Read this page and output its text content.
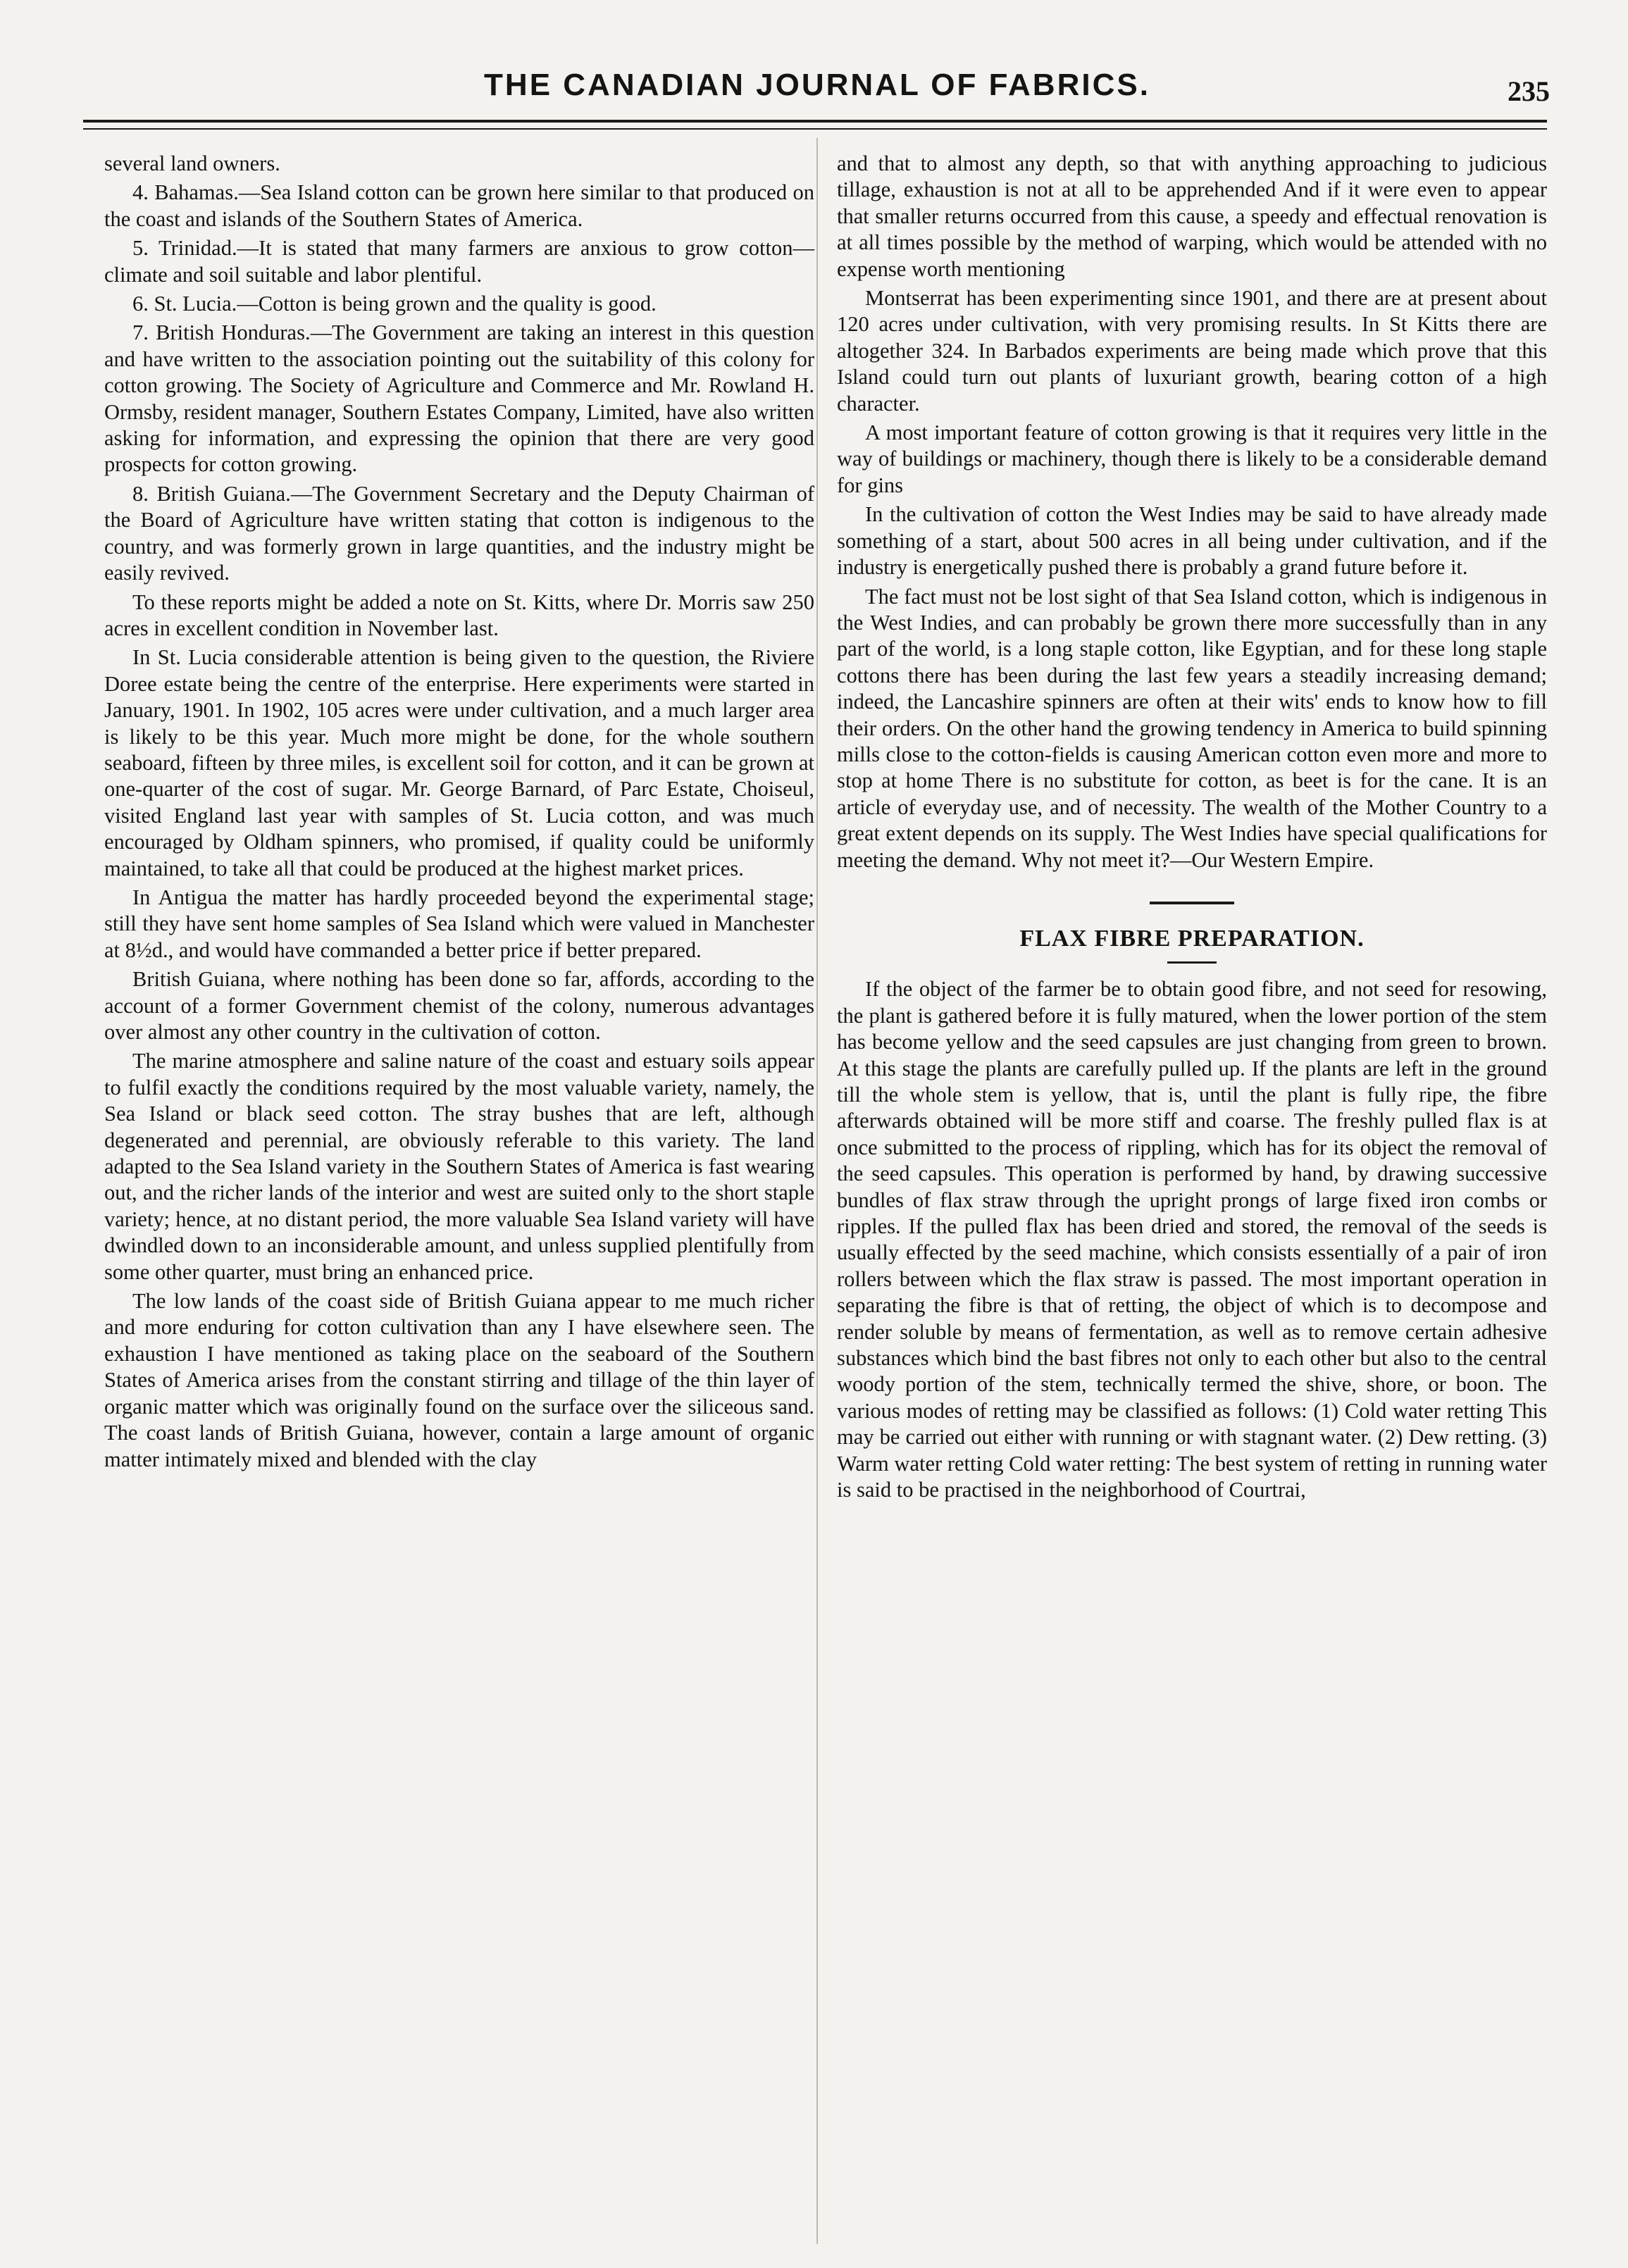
THE CANADIAN JOURNAL OF FABRICS.	235

several land owners.

4. Bahamas.—Sea Island cotton can be grown here similar to that produced on the coast and islands of the Southern States of America.

5. Trinidad.—It is stated that many farmers are anxious to grow cotton—climate and soil suitable and labor plentiful.

6. St. Lucia.—Cotton is being grown and the quality is good.

7. British Honduras.—The Government are taking an interest in this question and have written to the association pointing out the suitability of this colony for cotton growing. The Society of Agriculture and Commerce and Mr. Rowland H. Ormsby, resident manager, Southern Estates Company, Limited, have also written asking for information, and expressing the opinion that there are very good prospects for cotton growing.

8. British Guiana.—The Government Secretary and the Deputy Chairman of the Board of Agriculture have written stating that cotton is indigenous to the country, and was formerly grown in large quantities, and the industry might be easily revived.

To these reports might be added a note on St. Kitts, where Dr. Morris saw 250 acres in excellent condition in November last.

In St. Lucia considerable attention is being given to the question, the Riviere Doree estate being the centre of the enterprise. Here experiments were started in January, 1901. In 1902, 105 acres were under cultivation, and a much larger area is likely to be this year. Much more might be done, for the whole southern seaboard, fifteen by three miles, is excellent soil for cotton, and it can be grown at one-quarter of the cost of sugar. Mr. George Barnard, of Parc Estate, Choiseul, visited England last year with samples of St. Lucia cotton, and was much encouraged by Oldham spinners, who promised, if quality could be uniformly maintained, to take all that could be produced at the highest market prices.

In Antigua the matter has hardly proceeded beyond the experimental stage; still they have sent home samples of Sea Island which were valued in Manchester at 8½d., and would have commanded a better price if better prepared.

British Guiana, where nothing has been done so far, affords, according to the account of a former Government chemist of the colony, numerous advantages over almost any other country in the cultivation of cotton.

The marine atmosphere and saline nature of the coast and estuary soils appear to fulfil exactly the conditions required by the most valuable variety, namely, the Sea Island or black seed cotton. The stray bushes that are left, although degenerated and perennial, are obviously referable to this variety. The land adapted to the Sea Island variety in the Southern States of America is fast wearing out, and the richer lands of the interior and west are suited only to the short staple variety; hence, at no distant period, the more valuable Sea Island variety will have dwindled down to an inconsiderable amount, and unless supplied plentifully from some other quarter, must bring an enhanced price.

The low lands of the coast side of British Guiana appear to me much richer and more enduring for cotton cultivation than any I have elsewhere seen. The exhaustion I have mentioned as taking place on the seaboard of the Southern States of America arises from the constant stirring and tillage of the thin layer of organic matter which was originally found on the surface over the siliceous sand. The coast lands of British Guiana, however, contain a large amount of organic matter intimately mixed and blended with the clay

and that to almost any depth, so that with anything approaching to judicious tillage, exhaustion is not at all to be apprehended And if it were even to appear that smaller returns occurred from this cause, a speedy and effectual renovation is at all times possible by the method of warping, which would be attended with no expense worth mentioning

Montserrat has been experimenting since 1901, and there are at present about 120 acres under cultivation, with very promising results. In St Kitts there are altogether 324. In Barbados experiments are being made which prove that this Island could turn out plants of luxuriant growth, bearing cotton of a high character.

A most important feature of cotton growing is that it requires very little in the way of buildings or machinery, though there is likely to be a considerable demand for gins

In the cultivation of cotton the West Indies may be said to have already made something of a start, about 500 acres in all being under cultivation, and if the industry is energetically pushed there is probably a grand future before it.

The fact must not be lost sight of that Sea Island cotton, which is indigenous in the West Indies, and can probably be grown there more successfully than in any part of the world, is a long staple cotton, like Egyptian, and for these long staple cottons there has been during the last few years a steadily increasing demand; indeed, the Lancashire spinners are often at their wits' ends to know how to fill their orders. On the other hand the growing tendency in America to build spinning mills close to the cotton-fields is causing American cotton even more and more to stop at home There is no substitute for cotton, as beet is for the cane. It is an article of everyday use, and of necessity. The wealth of the Mother Country to a great extent depends on its supply. The West Indies have special qualifications for meeting the demand. Why not meet it?—Our Western Empire.

FLAX FIBRE PREPARATION.

If the object of the farmer be to obtain good fibre, and not seed for resowing, the plant is gathered before it is fully matured, when the lower portion of the stem has become yellow and the seed capsules are just changing from green to brown. At this stage the plants are carefully pulled up. If the plants are left in the ground till the whole stem is yellow, that is, until the plant is fully ripe, the fibre afterwards obtained will be more stiff and coarse. The freshly pulled flax is at once submitted to the process of rippling, which has for its object the removal of the seed capsules. This operation is performed by hand, by drawing successive bundles of flax straw through the upright prongs of large fixed iron combs or ripples. If the pulled flax has been dried and stored, the removal of the seeds is usually effected by the seed machine, which consists essentially of a pair of iron rollers between which the flax straw is passed. The most important operation in separating the fibre is that of retting, the object of which is to decompose and render soluble by means of fermentation, as well as to remove certain adhesive substances which bind the bast fibres not only to each other but also to the central woody portion of the stem, technically termed the shive, shore, or boon. The various modes of retting may be classified as follows: (1) Cold water retting This may be carried out either with running or with stagnant water. (2) Dew retting. (3) Warm water retting Cold water retting: The best system of retting in running water is said to be practised in the neighborhood of Courtrai,
